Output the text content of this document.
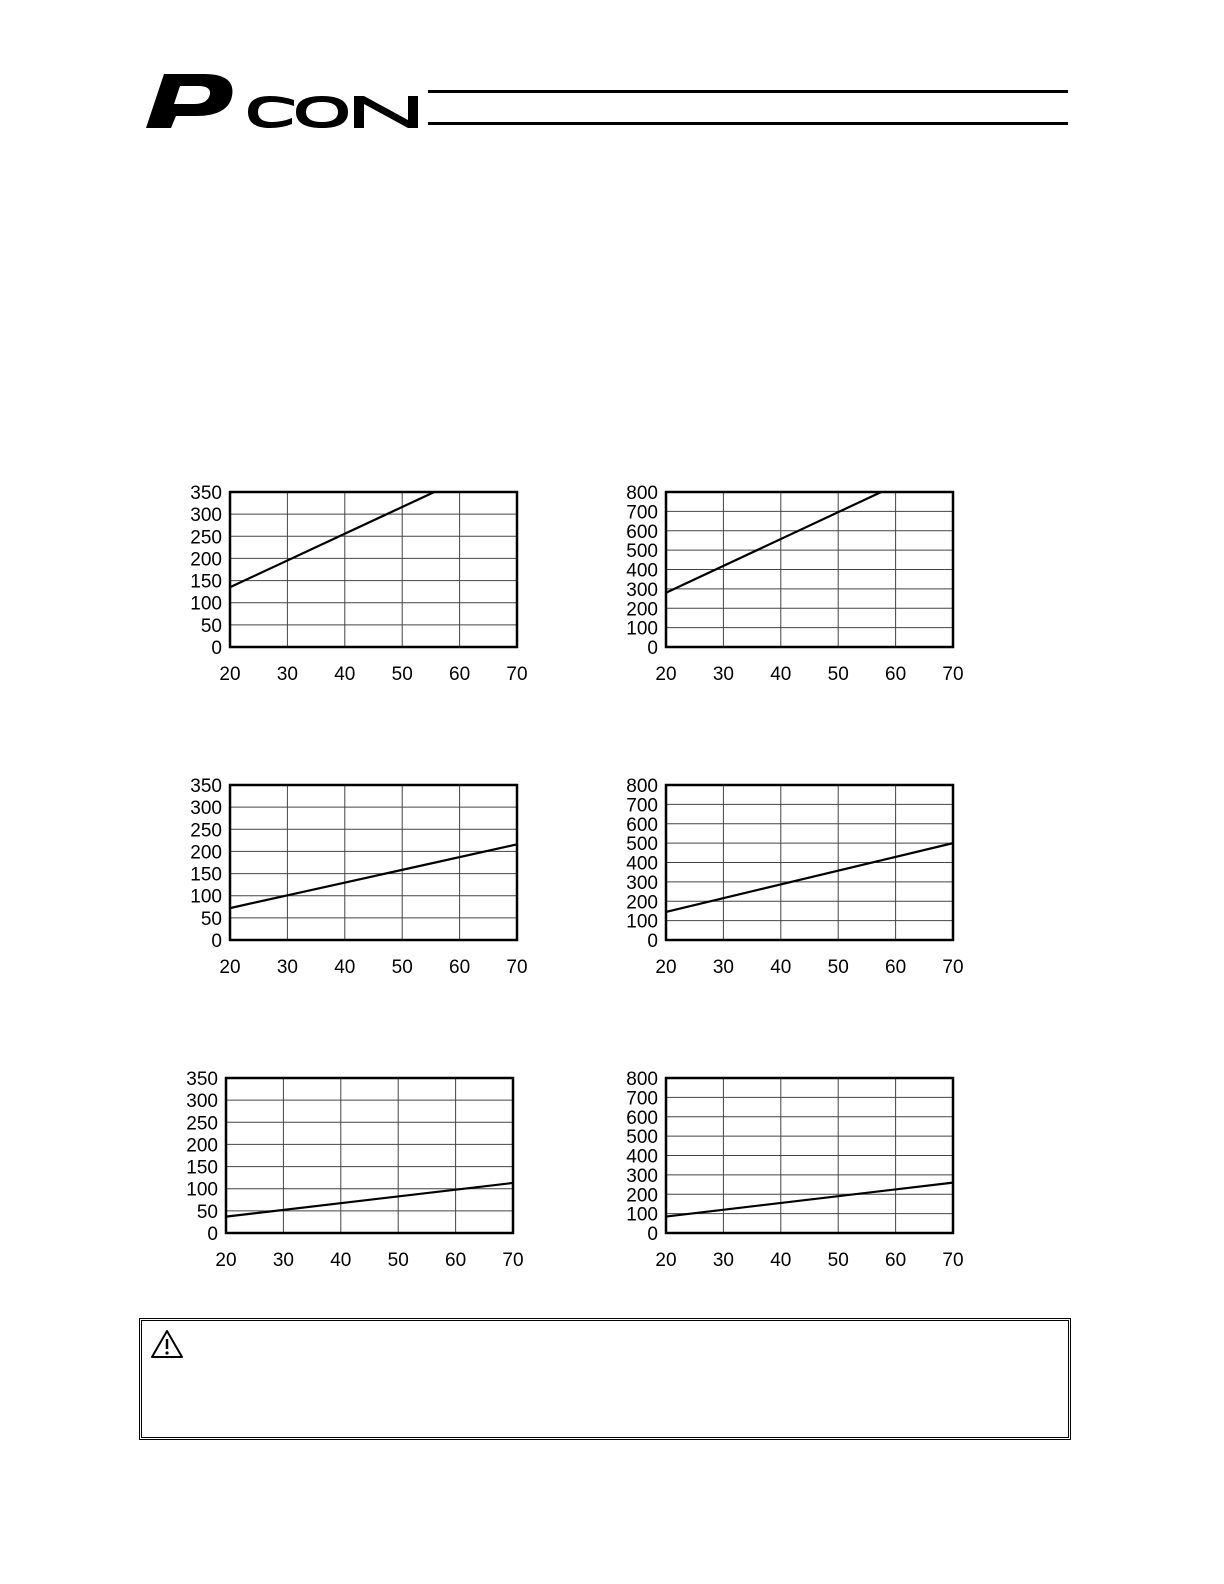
20 30 40 50 60 70
0
50
100
150
200
250
300
350
20 30 40 50 60 70
0
100
200
300
400
500
600
700
800
20 30 40 50 60 70
0
50
100
150
200
250
300
350
20 30 40 50 60 70
0
100
200
300
400
500
600
700
800
20 30 40 50 60 70
0
50
100
150
200
250
300
350
20 30 40 50 60 70
0
100
200
300
400
500
600
700
800
